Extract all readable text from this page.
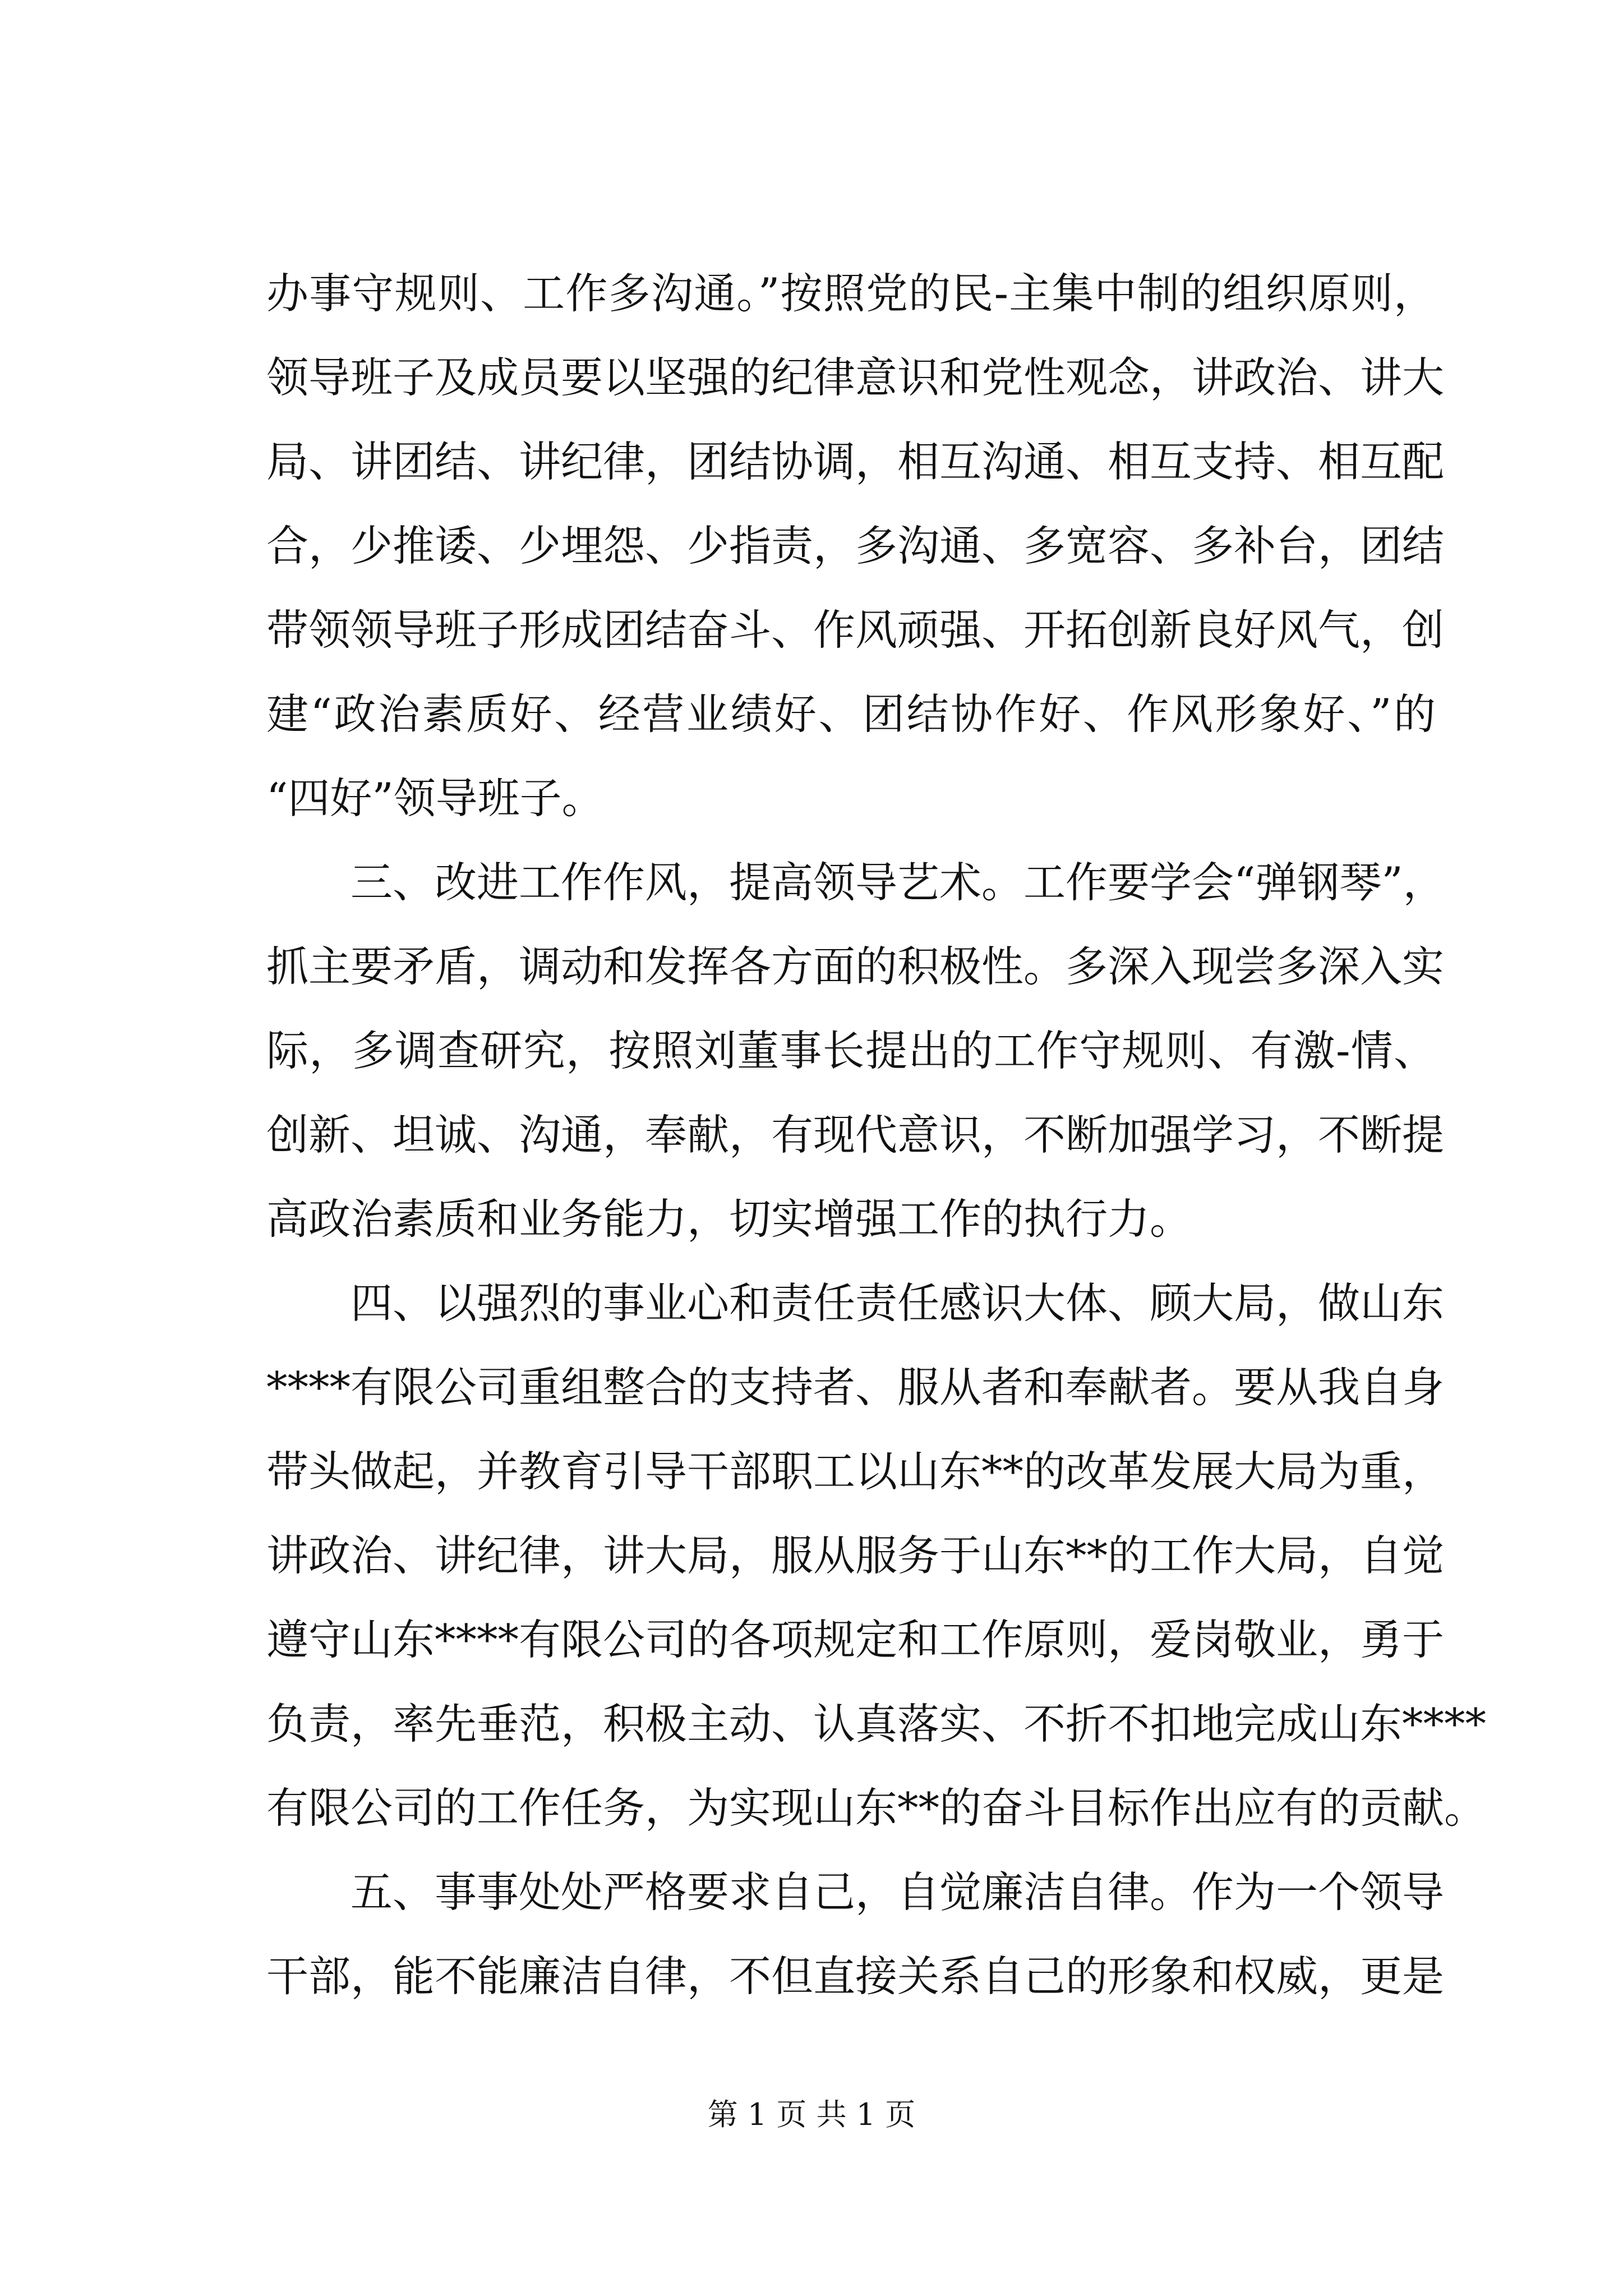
办事守规则、工作多沟通。”按照党的民-主集中制的组织原则，
领导班子及成员要以坚强的纪律意识和党性观念，讲政治、讲大
局、讲团结、讲纪律，团结协调，相互沟通、相互支持、相互配
合，少推诿、少埋怨、少指责，多沟通、多宽容、多补台，团结
带领领导班子形成团结奋斗、作风顽强、开拓创新良好风气，创
建“政治素质好、经营业绩好、团结协作好、作风形象好、”的
“四好”领导班子。
三、改进工作作风，提高领导艺术。工作要学会“弹钢琴”，
抓主要矛盾，调动和发挥各方面的积极性。多深入现尝多深入实
际，多调查研究，按照刘董事长提出的工作守规则、有激-情、
创新、坦诚、沟通，奉献，有现代意识，不断加强学习，不断提
高政治素质和业务能力，切实增强工作的执行力。
四、以强烈的事业心和责任责任感识大体、顾大局，做山东
****有限公司重组整合的支持者、服从者和奉献者。要从我自身
带头做起，并教育引导干部职工以山东**的改革发展大局为重，
讲政治、讲纪律，讲大局，服从服务于山东**的工作大局，自觉
遵守山东****有限公司的各项规定和工作原则，爱岗敬业，勇于
负责，率先垂范，积极主动、认真落实、不折不扣地完成山东****
有限公司的工作任务，为实现山东**的奋斗目标作出应有的贡献。
五、事事处处严格要求自己，自觉廉洁自律。作为一个领导
干部，能不能廉洁自律，不但直接关系自己的形象和权威，更是
第 1 页 共 1 页
